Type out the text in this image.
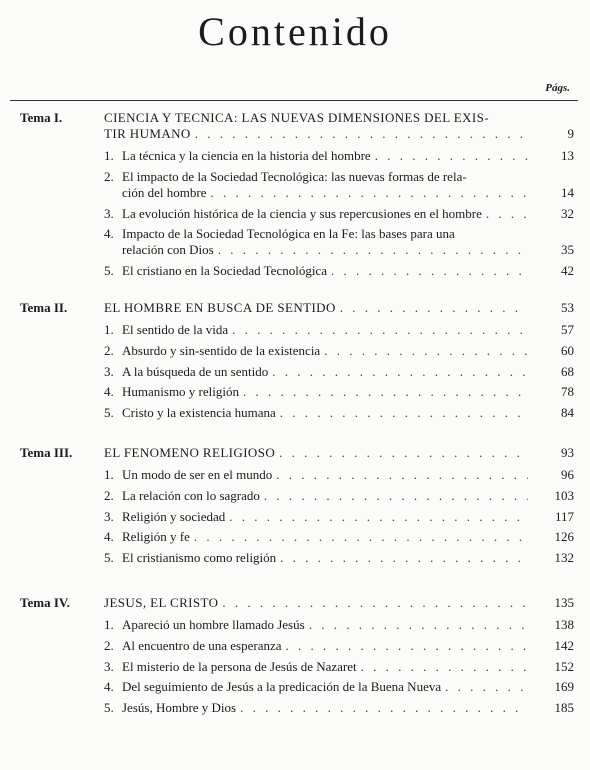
Contenido
Págs.
Tema I.	CIENCIA Y TECNICA: LAS NUEVAS DIMENSIONES DEL EXIS-
TIR HUMANO . . .	9
1. La técnica y la ciencia en la historia del hombre . . .	13
2. El impacto de la Sociedad Tecnológica: las nuevas formas de rela-
ción del hombre . . .	14
3. La evolución histórica de la ciencia y sus repercusiones en el hombre . . .	32
4. Impacto de la Sociedad Tecnológica en la Fe: las bases para una
relación con Dios . . .	35
5. El cristiano en la Sociedad Tecnológica . . .	42
Tema II.	EL HOMBRE EN BUSCA DE SENTIDO . . .	53
1. El sentido de la vida . . .	57
2. Absurdo y sin-sentido de la existencia . . .	60
3. A la búsqueda de un sentido . . .	68
4. Humanismo y religión . . .	78
5. Cristo y la existencia humana . . .	84
Tema III. EL FENOMENO RELIGIOSO . . .	93
1. Un modo de ser en el mundo . . .	96
2. La relación con lo sagrado . . .	103
3. Religión y sociedad . . .	117
4. Religión y fe . . .	126
5. El cristianismo como religión . . .	132
Tema IV.	JESUS, EL CRISTO . . .	135
1. Apareció un hombre llamado Jesús . . .	138
2. Al encuentro de una esperanza . . .	142
3. El misterio de la persona de Jesús de Nazaret . . .	152
4. Del seguimiento de Jesús a la predicación de la Buena Nueva . . .	169
5. Jesús, Hombre y Dios . . .	185
